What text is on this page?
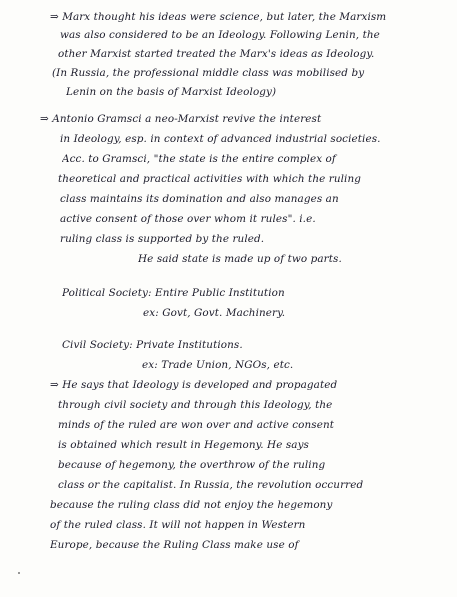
⇒ Marx thought his ideas were science, but later, the Marxism
was also considered to be an Ideology. Following Lenin, the
other Marxist started treated the Marx's ideas as Ideology.
(In Russia, the professional middle class was mobilised by
Lenin on the basis of Marxist Ideology)
⇒ Antonio Gramsci a neo-Marxist revive the interest
in Ideology, esp. in context of advanced industrial societies.
Acc. to Gramsci, "the state is the entire complex of
theoretical and practical activities with which the ruling
class maintains its domination and also manages an
active consent of those over whom it rules". i.e.
ruling class is supported by the ruled.
He said state is made up of two parts.
Political Society: Entire Public Institution
ex: Govt, Govt. Machinery.
Civil Society: Private Institutions.
ex: Trade Union, NGOs, etc.
⇒ He says that Ideology is developed and propagated
through civil society and through this Ideology, the
minds of the ruled are won over and active consent
is obtained which result in Hegemony. He says
because of hegemony, the overthrow of the ruling
class or the capitalist. In Russia, the revolution occurred
because the ruling class did not enjoy the hegemony
of the ruled class. It will not happen in Western
Europe, because the Ruling Class make use of
